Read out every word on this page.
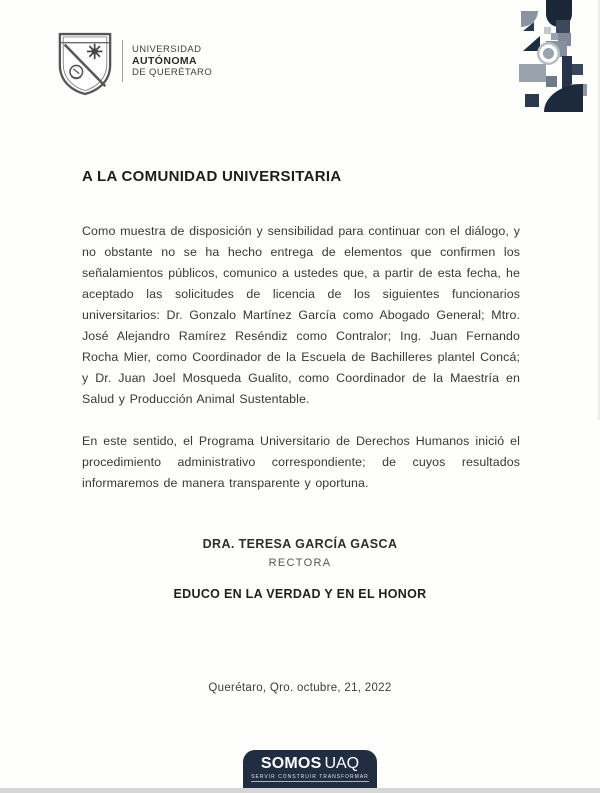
UNIVERSIDAD
AUTÓNOMA
DE QUERÉTARO
A LA COMUNIDAD UNIVERSITARIA

Como muestra de disposición y sensibilidad para continuar con el diálogo, y no obstante no se ha hecho entrega de elementos que confirmen los señalamientos públicos, comunico a ustedes que, a partir de esta fecha, he aceptado las solicitudes de licencia de los siguientes funcionarios universitarios: Dr. Gonzalo Martínez García como Abogado General; Mtro. José Alejandro Ramírez Reséndiz como Contralor; Ing. Juan Fernando Rocha Mier, como Coordinador de la Escuela de Bachilleres plantel Concá; y Dr. Juan Joel Mosqueda Gualito, como Coordinador de la Maestría en Salud y Producción Animal Sustentable.

En este sentido, el Programa Universitario de Derechos Humanos inició el procedimiento administrativo correspondiente; de cuyos resultados informaremos de manera transparente y oportuna.

DRA. TERESA GARCÍA GASCA
RECTORA
EDUCO EN LA VERDAD Y EN EL HONOR
Querétaro, Qro. octubre, 21, 2022
SOMOS UAQ
SERVIR CONSTRUIR TRANSFORMAR
